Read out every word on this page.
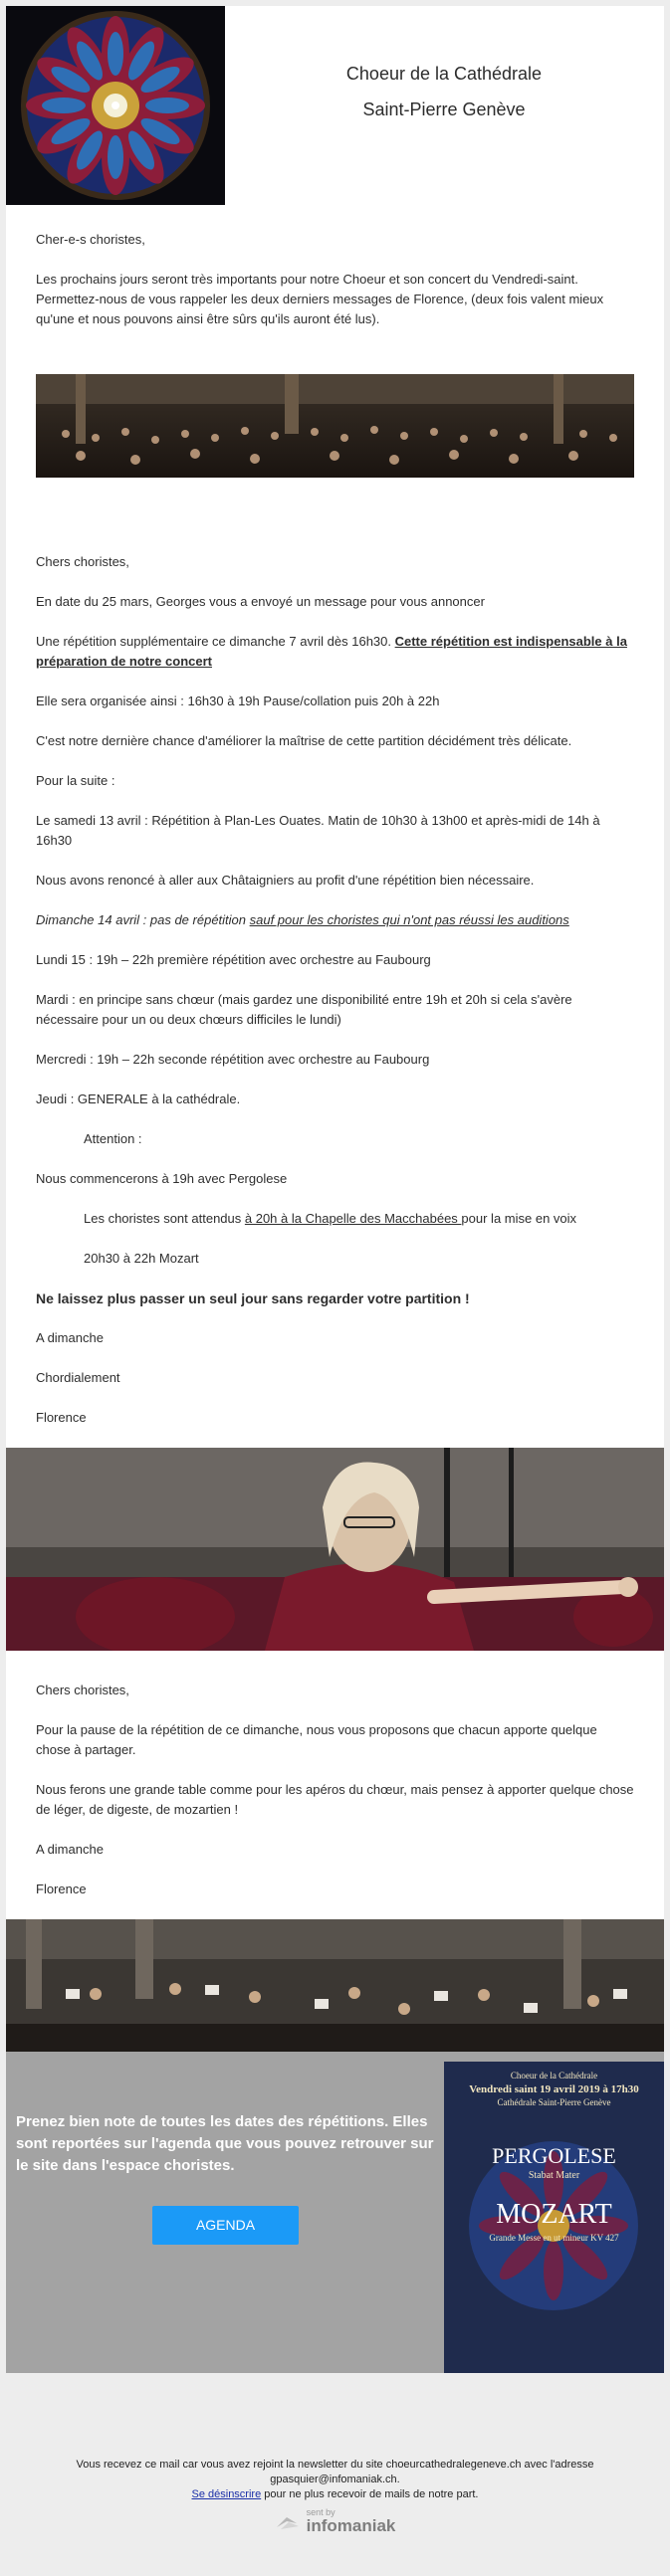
Choeur de la Cathédrale
Saint-Pierre Genève

Cher-e-s choristes,

Les prochains jours seront très importants pour notre Choeur et son concert du Vendredi-saint. Permettez-nous de vous rappeler les deux derniers messages de Florence, (deux fois valent mieux qu'une et nous pouvons ainsi être sûrs qu'ils auront été lus).

Chers choristes,

En date du 25 mars, Georges vous a envoyé un message pour vous annoncer

Une répétition supplémentaire ce dimanche 7 avril dès 16h30. Cette répétition est indispensable à la préparation de notre concert

Elle sera organisée ainsi : 16h30 à 19h Pause/collation puis 20h à 22h

C'est notre dernière chance d'améliorer la maîtrise de cette partition décidément très délicate.

Pour la suite :

Le samedi 13 avril : Répétition à Plan-Les Ouates. Matin de 10h30 à 13h00 et après-midi de 14h à 16h30

Nous avons renoncé à aller aux Châtaigniers au profit d'une répétition bien nécessaire.

Dimanche 14 avril : pas de répétition sauf pour les choristes qui n'ont pas réussi les auditions

Lundi 15 : 19h – 22h première répétition avec orchestre au Faubourg

Mardi : en principe sans chœur (mais gardez une disponibilité entre 19h et 20h si cela s'avère nécessaire pour un ou deux chœurs difficiles le lundi)

Mercredi : 19h – 22h seconde répétition avec orchestre au Faubourg

Jeudi : GENERALE à la cathédrale.

Attention :

Nous commencerons à 19h avec Pergolese

Les choristes sont attendus à 20h à la Chapelle des Macchabées pour la mise en voix

20h30 à 22h Mozart

Ne laissez plus passer un seul jour sans regarder votre partition !

A dimanche

Chordialement

Florence

Chers choristes,

Pour la pause de la répétition de ce dimanche, nous vous proposons que chacun apporte quelque chose à partager.

Nous ferons une grande table comme pour les apéros du chœur, mais pensez à apporter quelque chose de léger, de digeste, de mozartien !

A dimanche

Florence

Prenez bien note de toutes les dates des répétitions. Elles sont reportées sur l'agenda que vous pouvez retrouver sur le site dans l'espace choristes.
AGENDA
Choeur de la Cathédrale
Vendredi saint 19 avril 2019 à 17h30
Cathédrale Saint-Pierre Genève
PERGOLESE
Stabat Mater
MOZART
Grande Messe en ut mineur KV 427
Vous recevez ce mail car vous avez rejoint la newsletter du site choeurcathedralegeneve.ch avec l'adresse
gpasquier@infomaniak.ch.
Se désinscrire pour ne plus recevoir de mails de notre part.
sent by
infomaniak
